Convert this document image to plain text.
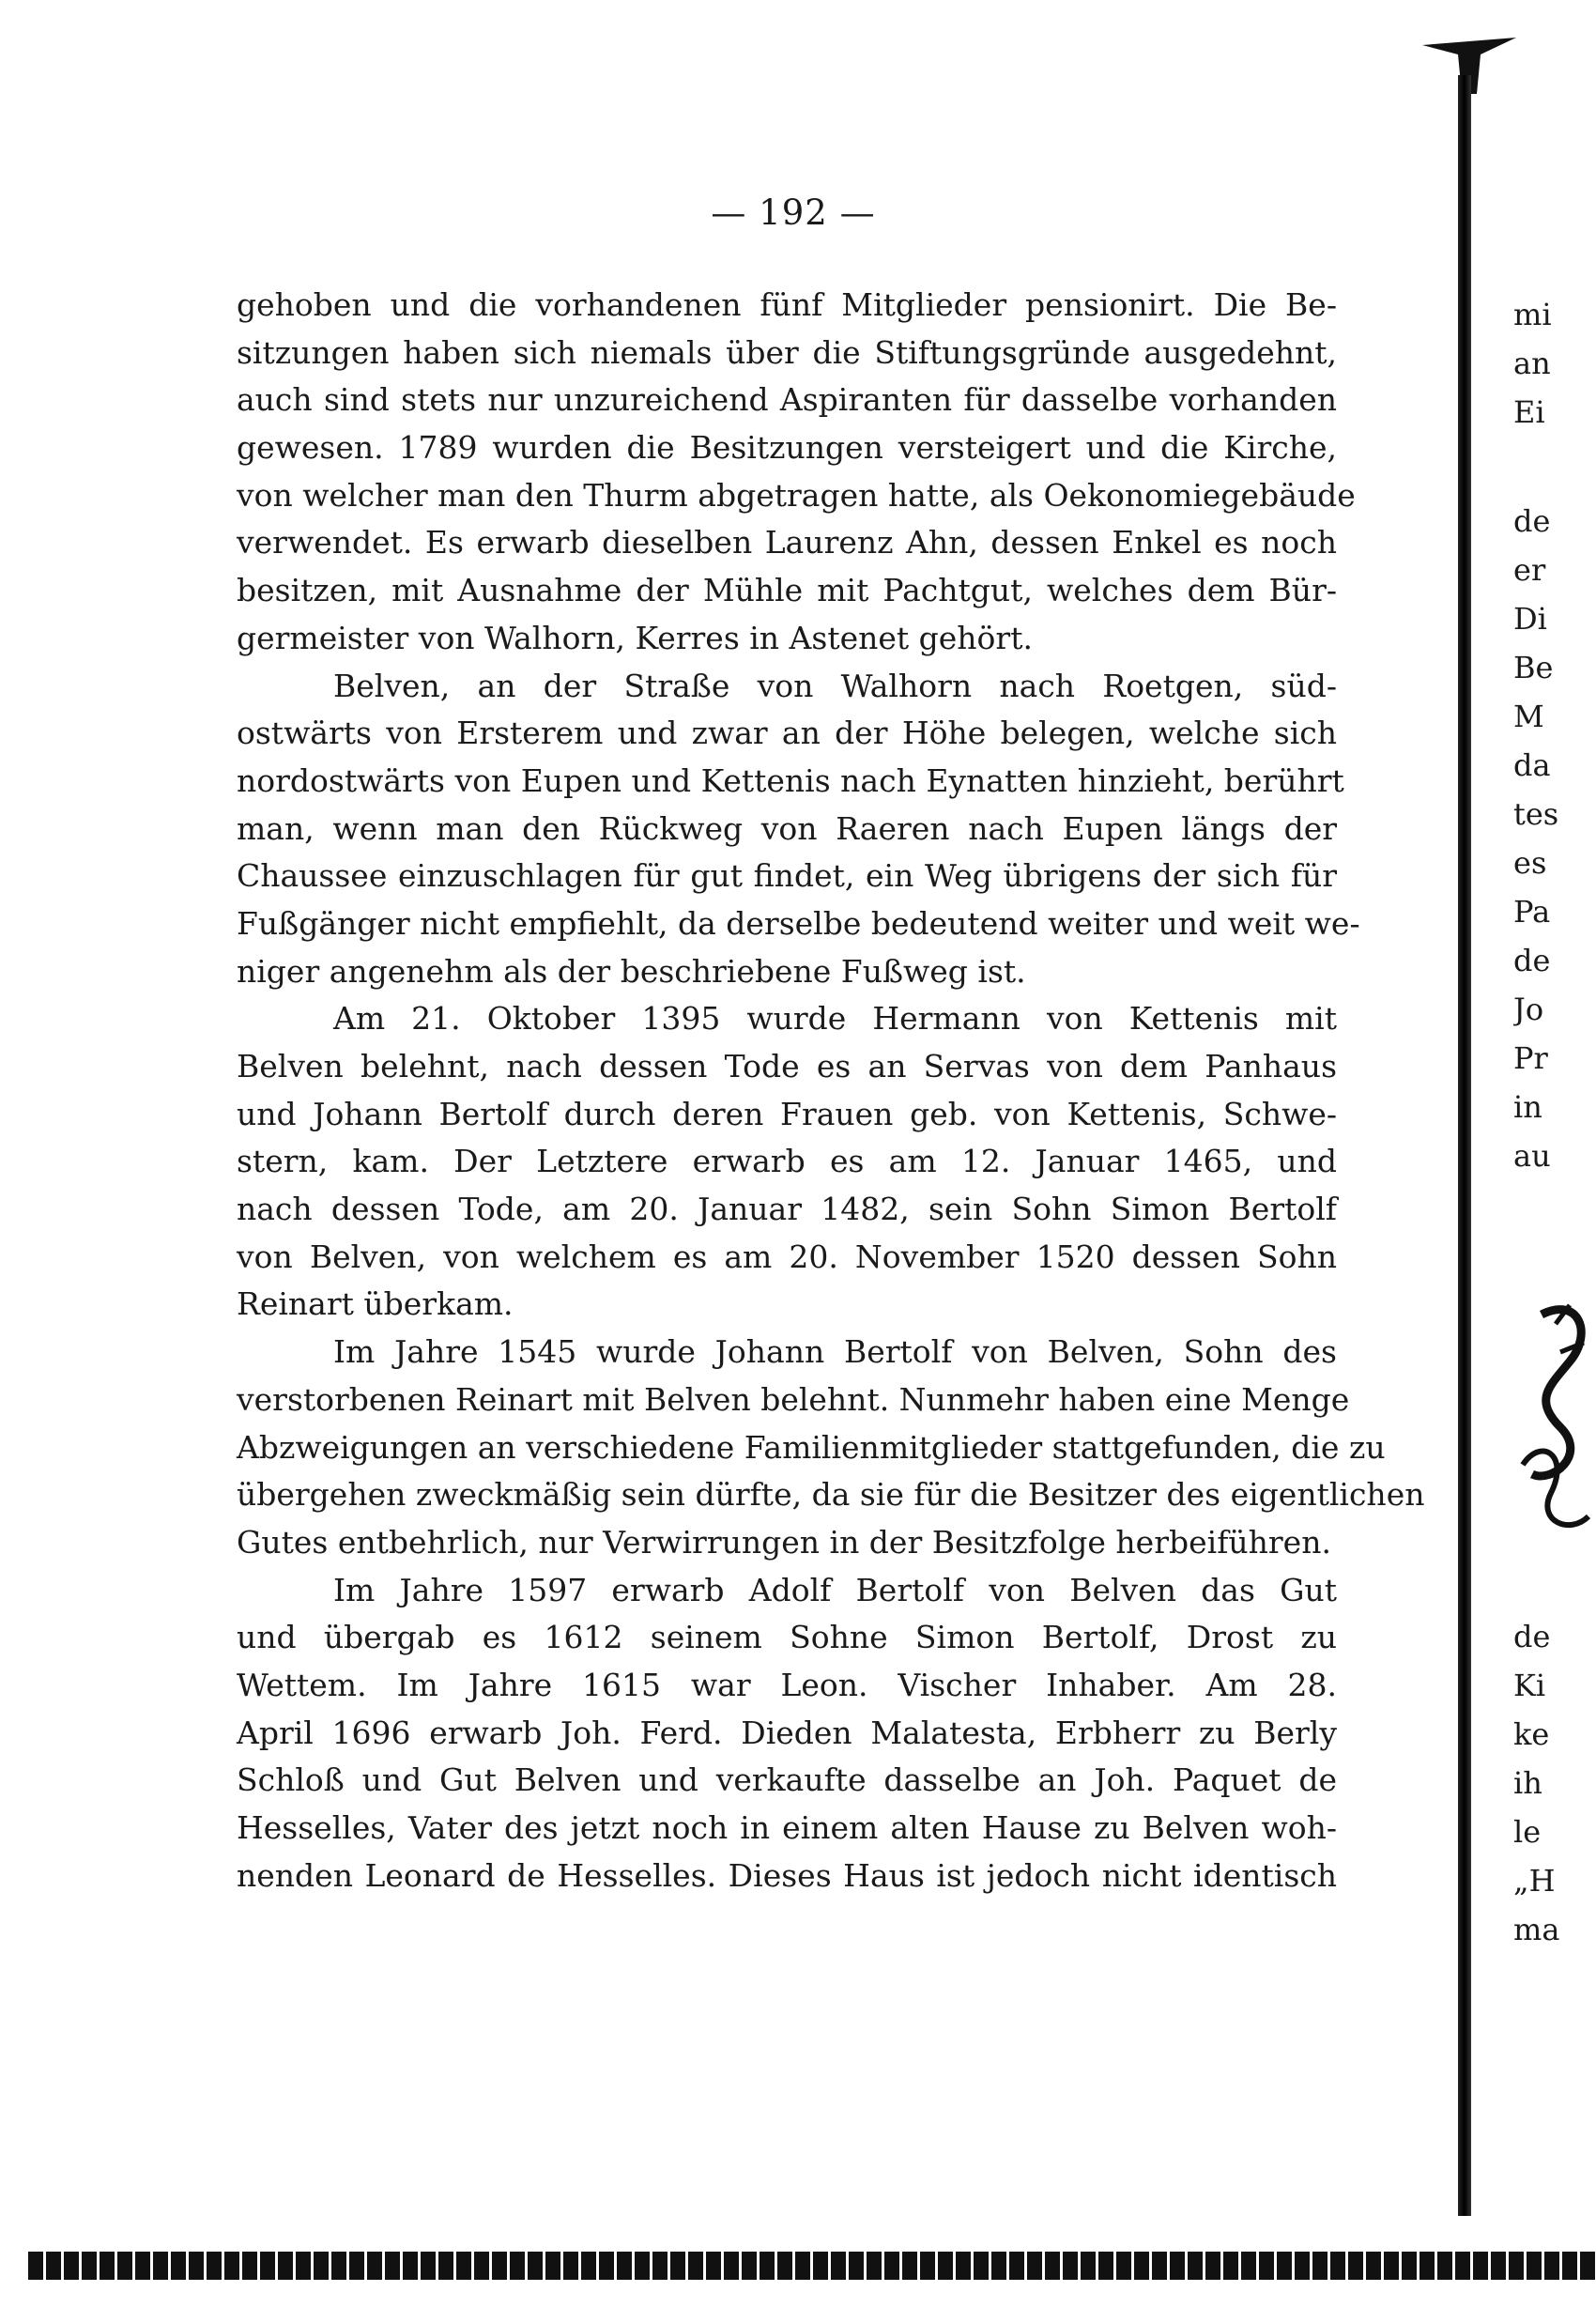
— 192 —
gehoben und die vorhandenen fünf Mitglieder pensionirt. Die Be-
sitzungen haben sich niemals über die Stiftungsgründe ausgedehnt,
auch sind stets nur unzureichend Aspiranten für dasselbe vorhanden
gewesen. 1789 wurden die Besitzungen versteigert und die Kirche,
von welcher man den Thurm abgetragen hatte, als Oekonomiegebäude
verwendet. Es erwarb dieselben Laurenz Ahn, dessen Enkel es noch
besitzen, mit Ausnahme der Mühle mit Pachtgut, welches dem Bür-
germeister von Walhorn, Kerres in Astenet gehört.
Belven, an der Straße von Walhorn nach Roetgen, süd-
ostwärts von Ersterem und zwar an der Höhe belegen, welche sich
nordostwärts von Eupen und Kettenis nach Eynatten hinzieht, berührt
man, wenn man den Rückweg von Raeren nach Eupen längs der
Chaussee einzuschlagen für gut findet, ein Weg übrigens der sich für
Fußgänger nicht empfiehlt, da derselbe bedeutend weiter und weit we-
niger angenehm als der beschriebene Fußweg ist.
Am 21. Oktober 1395 wurde Hermann von Kettenis mit
Belven belehnt, nach dessen Tode es an Servas von dem Panhaus
und Johann Bertolf durch deren Frauen geb. von Kettenis, Schwe-
stern, kam. Der Letztere erwarb es am 12. Januar 1465, und
nach dessen Tode, am 20. Januar 1482, sein Sohn Simon Bertolf
von Belven, von welchem es am 20. November 1520 dessen Sohn
Reinart überkam.
Im Jahre 1545 wurde Johann Bertolf von Belven, Sohn des
verstorbenen Reinart mit Belven belehnt. Nunmehr haben eine Menge
Abzweigungen an verschiedene Familienmitglieder stattgefunden, die zu
übergehen zweckmäßig sein dürfte, da sie für die Besitzer des eigentlichen
Gutes entbehrlich, nur Verwirrungen in der Besitzfolge herbeiführen.
Im Jahre 1597 erwarb Adolf Bertolf von Belven das Gut
und übergab es 1612 seinem Sohne Simon Bertolf, Drost zu
Wettem. Im Jahre 1615 war Leon. Vischer Inhaber. Am 28.
April 1696 erwarb Joh. Ferd. Dieden Malatesta, Erbherr zu Berly
Schloß und Gut Belven und verkaufte dasselbe an Joh. Paquet de
Hesselles, Vater des jetzt noch in einem alten Hause zu Belven woh-
nenden Leonard de Hesselles. Dieses Haus ist jedoch nicht identisch
mi
an
Ei
de
er
Di
Be
M
da
tes
es
Pa
de
Jo
Pr
in
au
de
Ki
ke
ih
le
„H
ma
